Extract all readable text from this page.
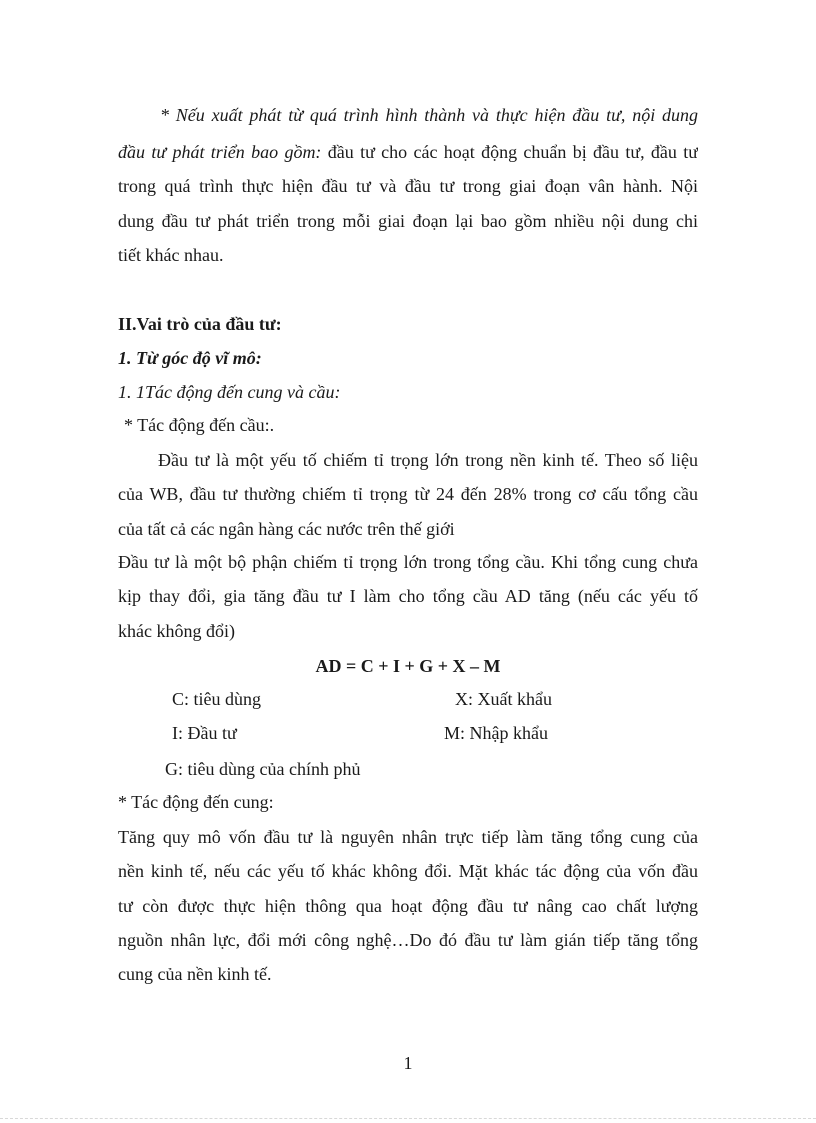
* Nếu xuất phát từ quá trình hình thành và thực hiện đầu tư, nội dung
đầu tư phát triển bao gồm: đầu tư cho các hoạt động chuẩn bị đầu tư, đầu tư
trong quá trình thực hiện đầu tư và đầu tư trong giai đoạn vân hành. Nội
dung đầu tư phát triển trong mỗi giai đoạn lại bao gồm nhiều nội dung chi
tiết khác nhau.
II.Vai trò của đầu tư:
1. Từ góc độ vĩ mô:
1. 1Tác động đến cung và cầu:
* Tác động đến cầu:.
Đầu tư là một yếu tố chiếm tỉ trọng lớn trong nền kinh tế. Theo số liệu
của WB, đầu tư thường chiếm tỉ trọng từ 24 đến 28% trong cơ cấu tổng cầu
của tất cả các ngân hàng các nước trên thế giới
Đầu tư là một bộ phận chiếm tỉ trọng lớn trong tổng cầu. Khi tổng cung chưa
kịp thay đổi, gia tăng đầu tư I làm cho tổng cầu AD tăng (nếu các yếu tố
khác không đổi)
AD = C + I + G + X – M
C: tiêu dùng	X: Xuất khẩu
I: Đầu tư	M: Nhập khẩu
G: tiêu dùng của chính phủ
* Tác động đến cung:
Tăng quy mô vốn đầu tư là nguyên nhân trực tiếp làm tăng tổng cung của
nền kinh tế, nếu các yếu tố khác không đổi. Mặt khác tác động của vốn đầu
tư còn được thực hiện thông qua hoạt động đầu tư nâng cao chất lượng
nguồn nhân lực, đổi mới công nghệ…Do đó đầu tư làm gián tiếp tăng tổng
cung của nền kinh tế.
1
